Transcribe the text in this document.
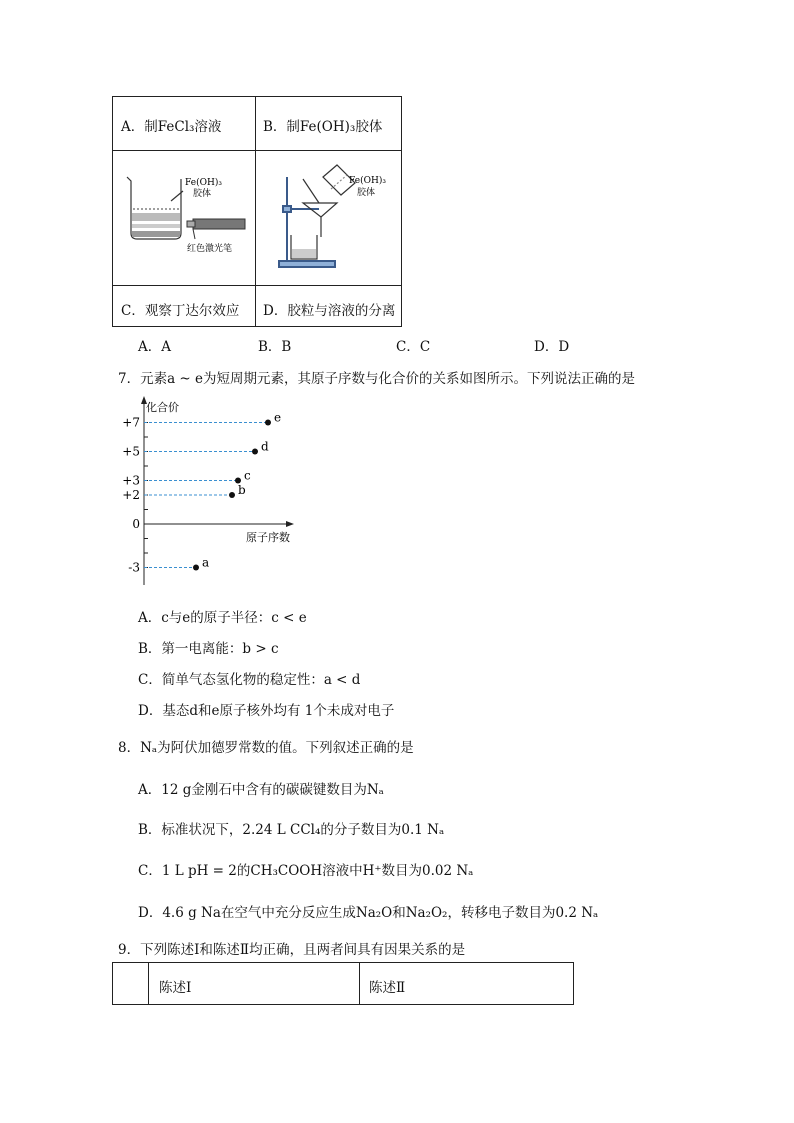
A．制FeCl₃溶液	B．制Fe(OH)₃胶体
C．观察丁达尔效应 D．胶粒与溶液的分离
Fe(OH)₃
胶体
红色激光笔
Fe(OH)₃
胶体
A．A	B．B	C．C	D．D
7．元素a ~ e为短周期元素，其原子序数与化合价的关系如图所示。下列说法正确的是
化合价
原子序数
+7
+5
+3
+2
0
-3	a
b
c
d
e
A．c与e的原子半径：c < e
B．第一电离能：b > c
C．简单气态氢化物的稳定性：a < d
D．基态d和e原子核外均有 1个未成对电子
8．Nₐ为阿伏加德罗常数的值。下列叙述正确的是
A．12 g金刚石中含有的碳碳键数目为Nₐ
B．标准状况下，2.24 L CCl₄的分子数目为0.1 Nₐ
C．1 L pH = 2的CH₃COOH溶液中H⁺数目为0.02 Nₐ
D．4.6 g Na在空气中充分反应生成Na₂O和Na₂O₂，转移电子数目为0.2 Nₐ
9．下列陈述Ⅰ和陈述Ⅱ均正确，且两者间具有因果关系的是
陈述Ⅰ	陈述Ⅱ
